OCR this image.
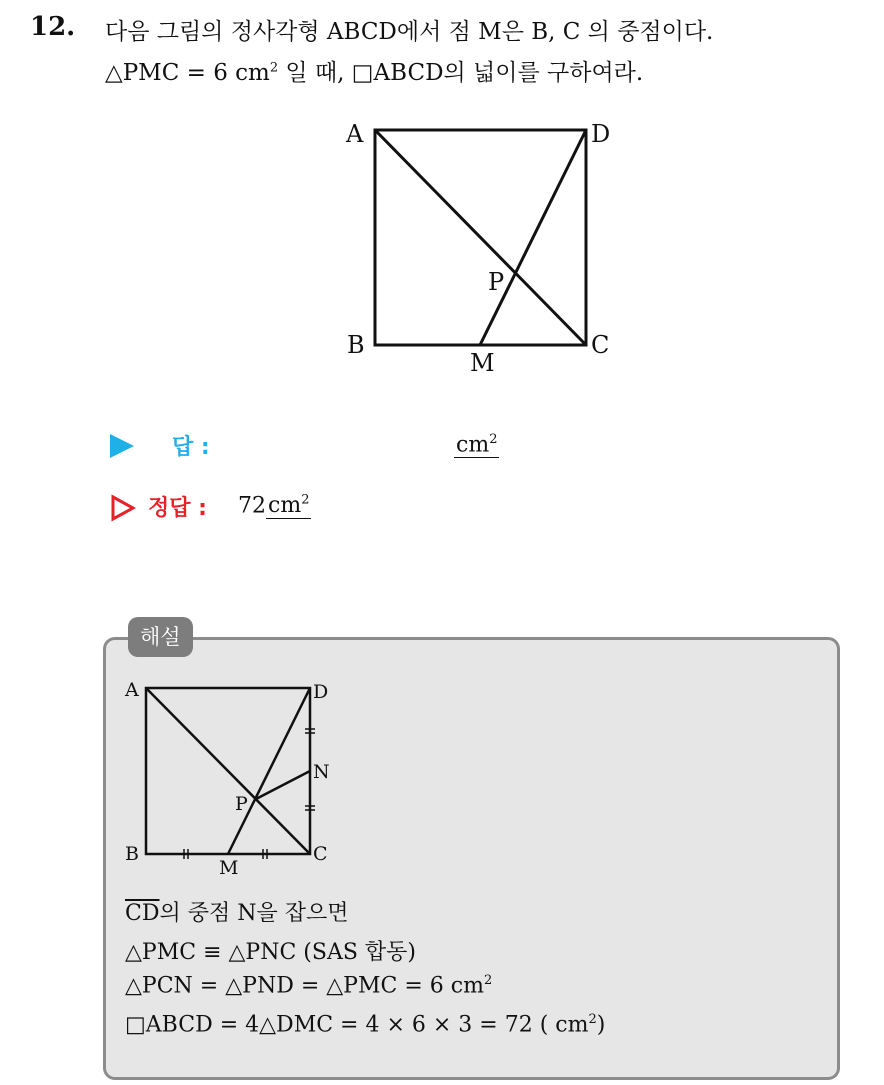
12. 다음 그림의 정사각형 ABCD에서 점 M은 B, C 의 중점이다.
△PMC = 6 $cm^2$ 일 때, □ABCD의 넓이를 구하여라.
A	D
B	C
P
M
답 :	$cm^2$
정답 : $72cm^2$
해설
A	D
B	C
P
M
N
$\overline{CD}$의 중점 N을 잡으면
△PMC ≡ △PNC (SAS 합동)
△PCN = △PND = △PMC = 6 $cm^2$
□ABCD = 4△DMC = 4 × 6 × 3 = 72 ( $cm^2$)
